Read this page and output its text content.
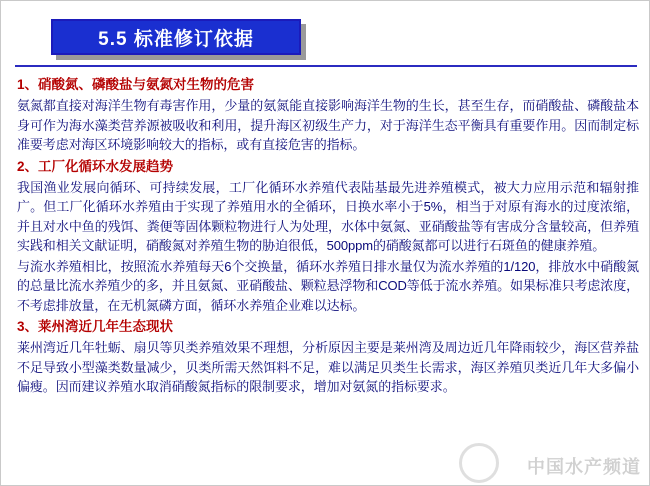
5.5 标准修订依据
1、硝酸氮、磷酸盐与氨氮对生物的危害
氨氮都直接对海洋生物有毒害作用，少量的氨氮能直接影响海洋生物的生长，甚至生存，而硝酸盐、磷酸盐本身可作为海水藻类营养源被吸收和利用，提升海区初级生产力，对于海洋生态平衡具有重要作用。因而制定标准要考虑对海区环境影响较大的指标，或有直接危害的指标。
2、工厂化循环水发展趋势
我国渔业发展向循环、可持续发展，工厂化循环水养殖代表陆基最先进养殖模式，被大力应用示范和辐射推广。但工厂化循环水养殖由于实现了养殖用水的全循环，日换水率小于5%，相当于对原有海水的过度浓缩，并且对水中鱼的残饵、粪便等固体颗粒物进行人为处理，水体中氨氮、亚硝酸盐等有害成分含量较高，但养殖实践和相关文献证明，硝酸氮对养殖生物的胁迫很低，500ppm的硝酸氮都可以进行石斑鱼的健康养殖。
与流水养殖相比，按照流水养殖每天6个交换量，循环水养殖日排水量仅为流水养殖的1/120，排放水中硝酸氮的总量比流水养殖少的多，并且氨氮、亚硝酸盐、颗粒悬浮物和COD等低于流水养殖。如果标准只考虑浓度，不考虑排放量，在无机氮磷方面，循环水养殖企业难以达标。
3、莱州湾近几年生态现状
莱州湾近几年牡蛎、扇贝等贝类养殖效果不理想，分析原因主要是莱州湾及周边近几年降雨较少，海区营养盐不足导致小型藻类数量减少，贝类所需天然饵料不足，难以满足贝类生长需求，海区养殖贝类近几年大多偏小偏瘦。因而建议养殖水取消硝酸氮指标的限制要求，增加对氨氮的指标要求。
中国水产频道
